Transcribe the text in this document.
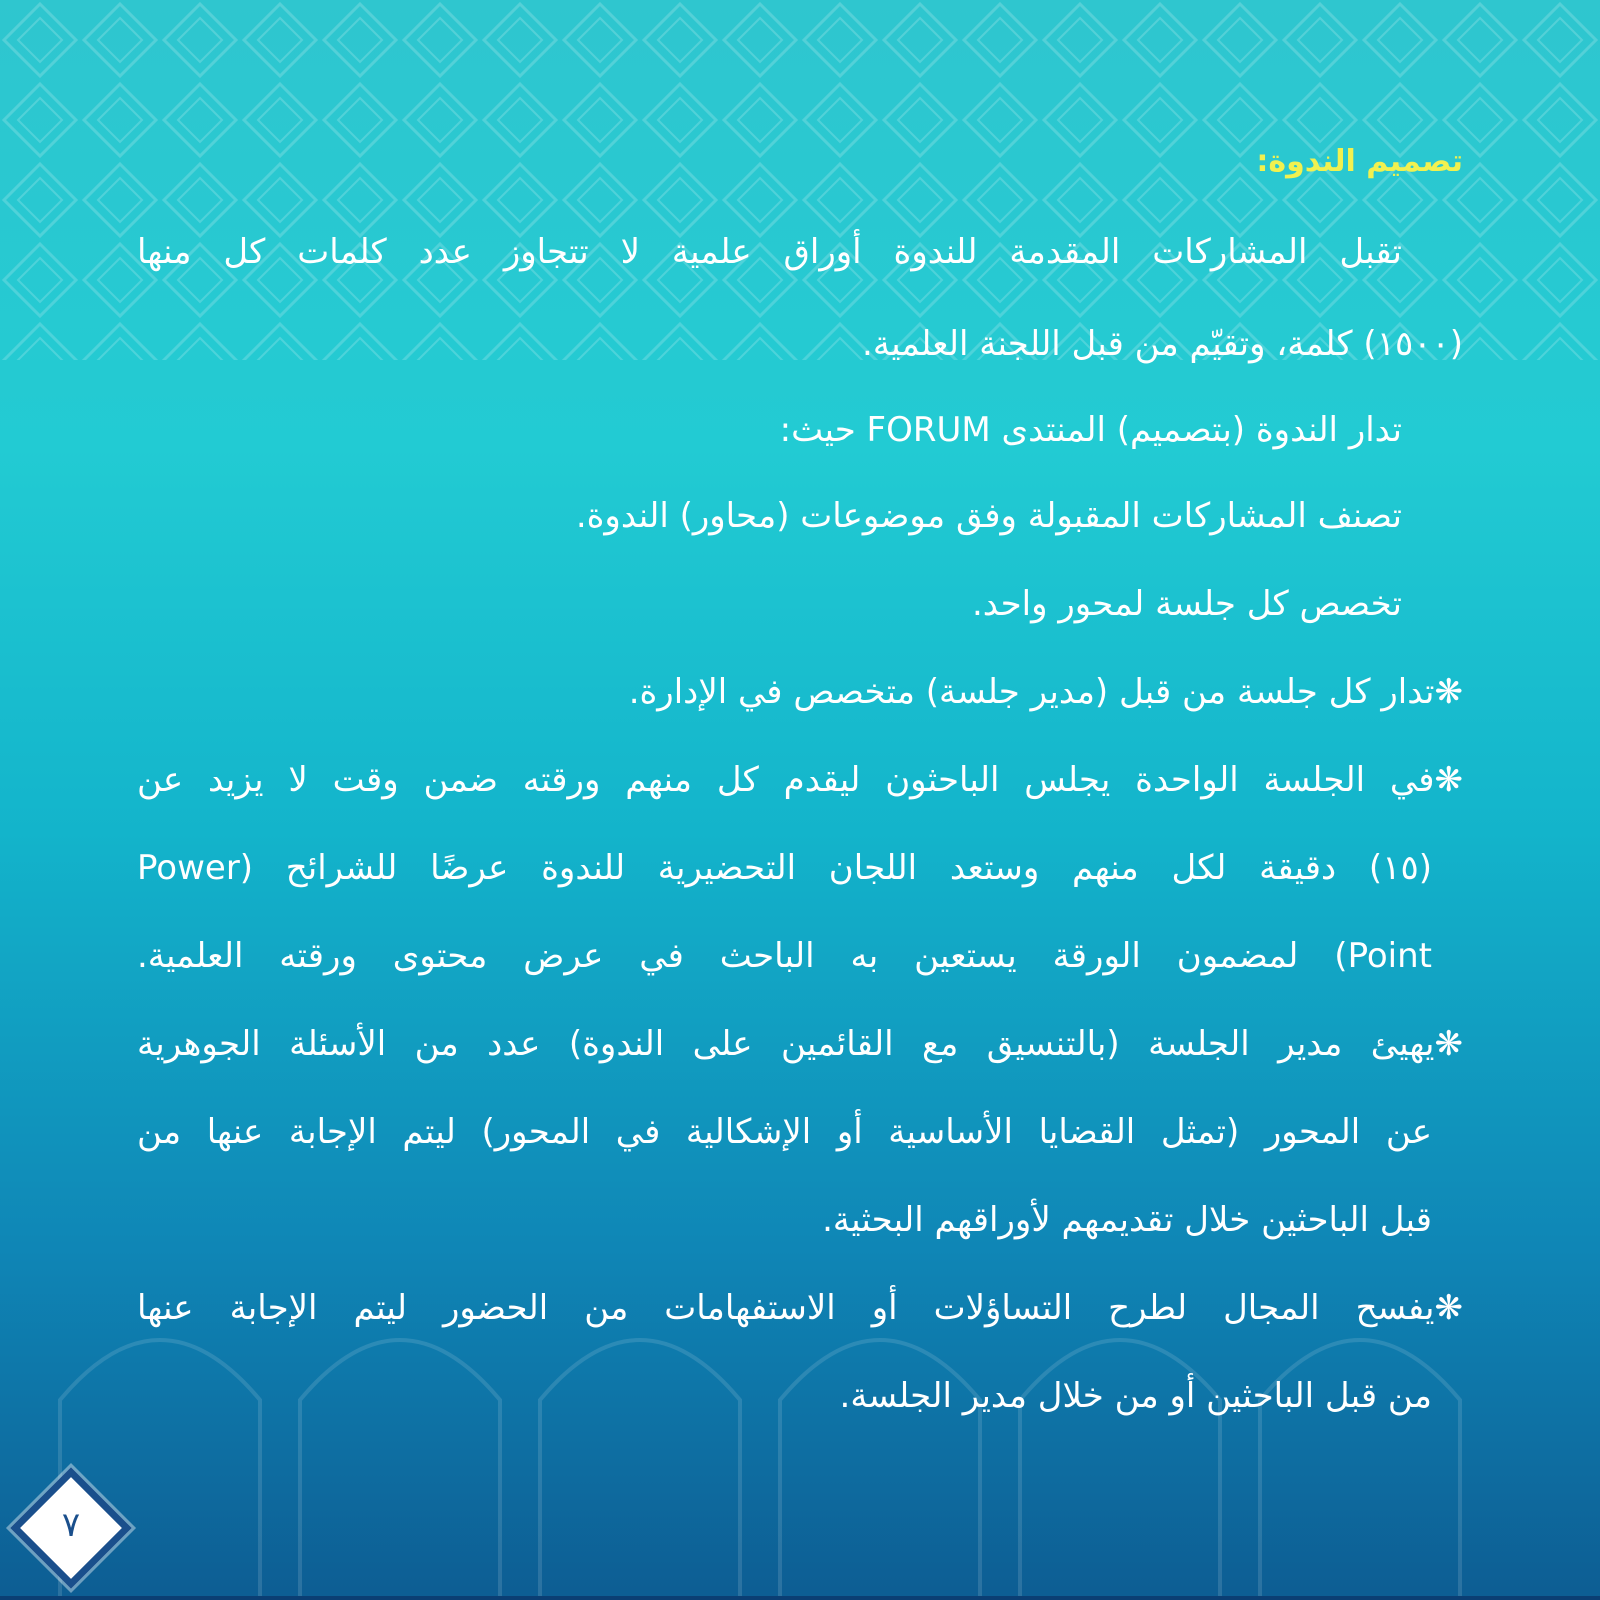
تصميم الندوة:
تقبل المشاركات المقدمة للندوة أوراق علمية لا تتجاوز عدد كلمات كل منها
(١٥٠٠) كلمة، وتقيّم من قبل اللجنة العلمية.
تدار الندوة (بتصميم) المنتدى FORUM حيث:
تصنف المشاركات المقبولة وفق موضوعات (محاور) الندوة.
تخصص كل جلسة لمحور واحد.
❋تدار كل جلسة من قبل (مدير جلسة) متخصص في الإدارة.
❋في الجلسة الواحدة يجلس الباحثون ليقدم كل منهم ورقته ضمن وقت لا يزيد عن
(١٥) دقيقة لكل منهم وستعد اللجان التحضيرية للندوة عرضًا للشرائح (Power
Point) لمضمون الورقة يستعين به الباحث في عرض محتوى ورقته العلمية.
❋يهيئ مدير الجلسة (بالتنسيق مع القائمين على الندوة) عدد من الأسئلة الجوهرية
عن المحور (تمثل القضايا الأساسية أو الإشكالية في المحور) ليتم الإجابة عنها من
قبل الباحثين خلال تقديمهم لأوراقهم البحثية.
❋يفسح المجال لطرح التساؤلات أو الاستفهامات من الحضور ليتم الإجابة عنها
من قبل الباحثين أو من خلال مدير الجلسة.
٧
